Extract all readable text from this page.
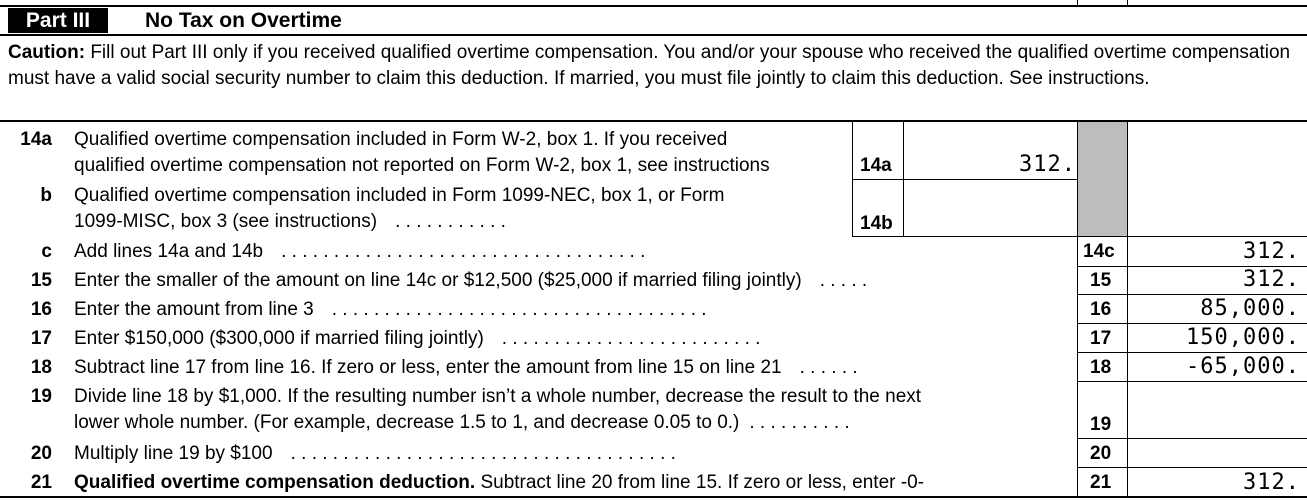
Part III	No Tax on Overtime
Caution: Fill out Part III only if you received qualified overtime compensation. You and/or your spouse who received the qualified overtime compensation must have a valid social security number to claim this deduction. If married, you must file jointly to claim this deduction. See instructions.
14a Qualified overtime compensation included in Form W-2, box 1. If you received
qualified overtime compensation not reported on Form W-2, box 1, see instructions	14a	312.
b Qualified overtime compensation included in Form 1099-NEC, box 1, or Form
1099-MISC, box 3 (see instructions) . . . . . . . . . . .	14b
c Add lines 14a and 14b . . . . . . . . . . . . . . . . . . . . . . . . . . . . . . . . . . .	14c	312.
15 Enter the smaller of the amount on line 14c or $12,500 ($25,000 if married filing jointly) . . . . .	15	312.
16 Enter the amount from line 3 . . . . . . . . . . . . . . . . . . . . . . . . . . . . . . . . . . . .	16	85,000.
17 Enter $150,000 ($300,000 if married filing jointly) . . . . . . . . . . . . . . . . . . . . . . . . .	17	150,000.
18 Subtract line 17 from line 16. If zero or less, enter the amount from line 15 on line 21 . . . . . .	18	-65,000.
19 Divide line 18 by $1,000. If the resulting number isn’t a whole number, decrease the result to the next
lower whole number. (For example, decrease 1.5 to 1, and decrease 0.05 to 0.) . . . . . . . . . .	19
20 Multiply line 19 by $100 . . . . . . . . . . . . . . . . . . . . . . . . . . . . . . . . . . . . .	20
21 Qualified overtime compensation deduction. Subtract line 20 from line 15. If zero or less, enter -0-	21	312.
